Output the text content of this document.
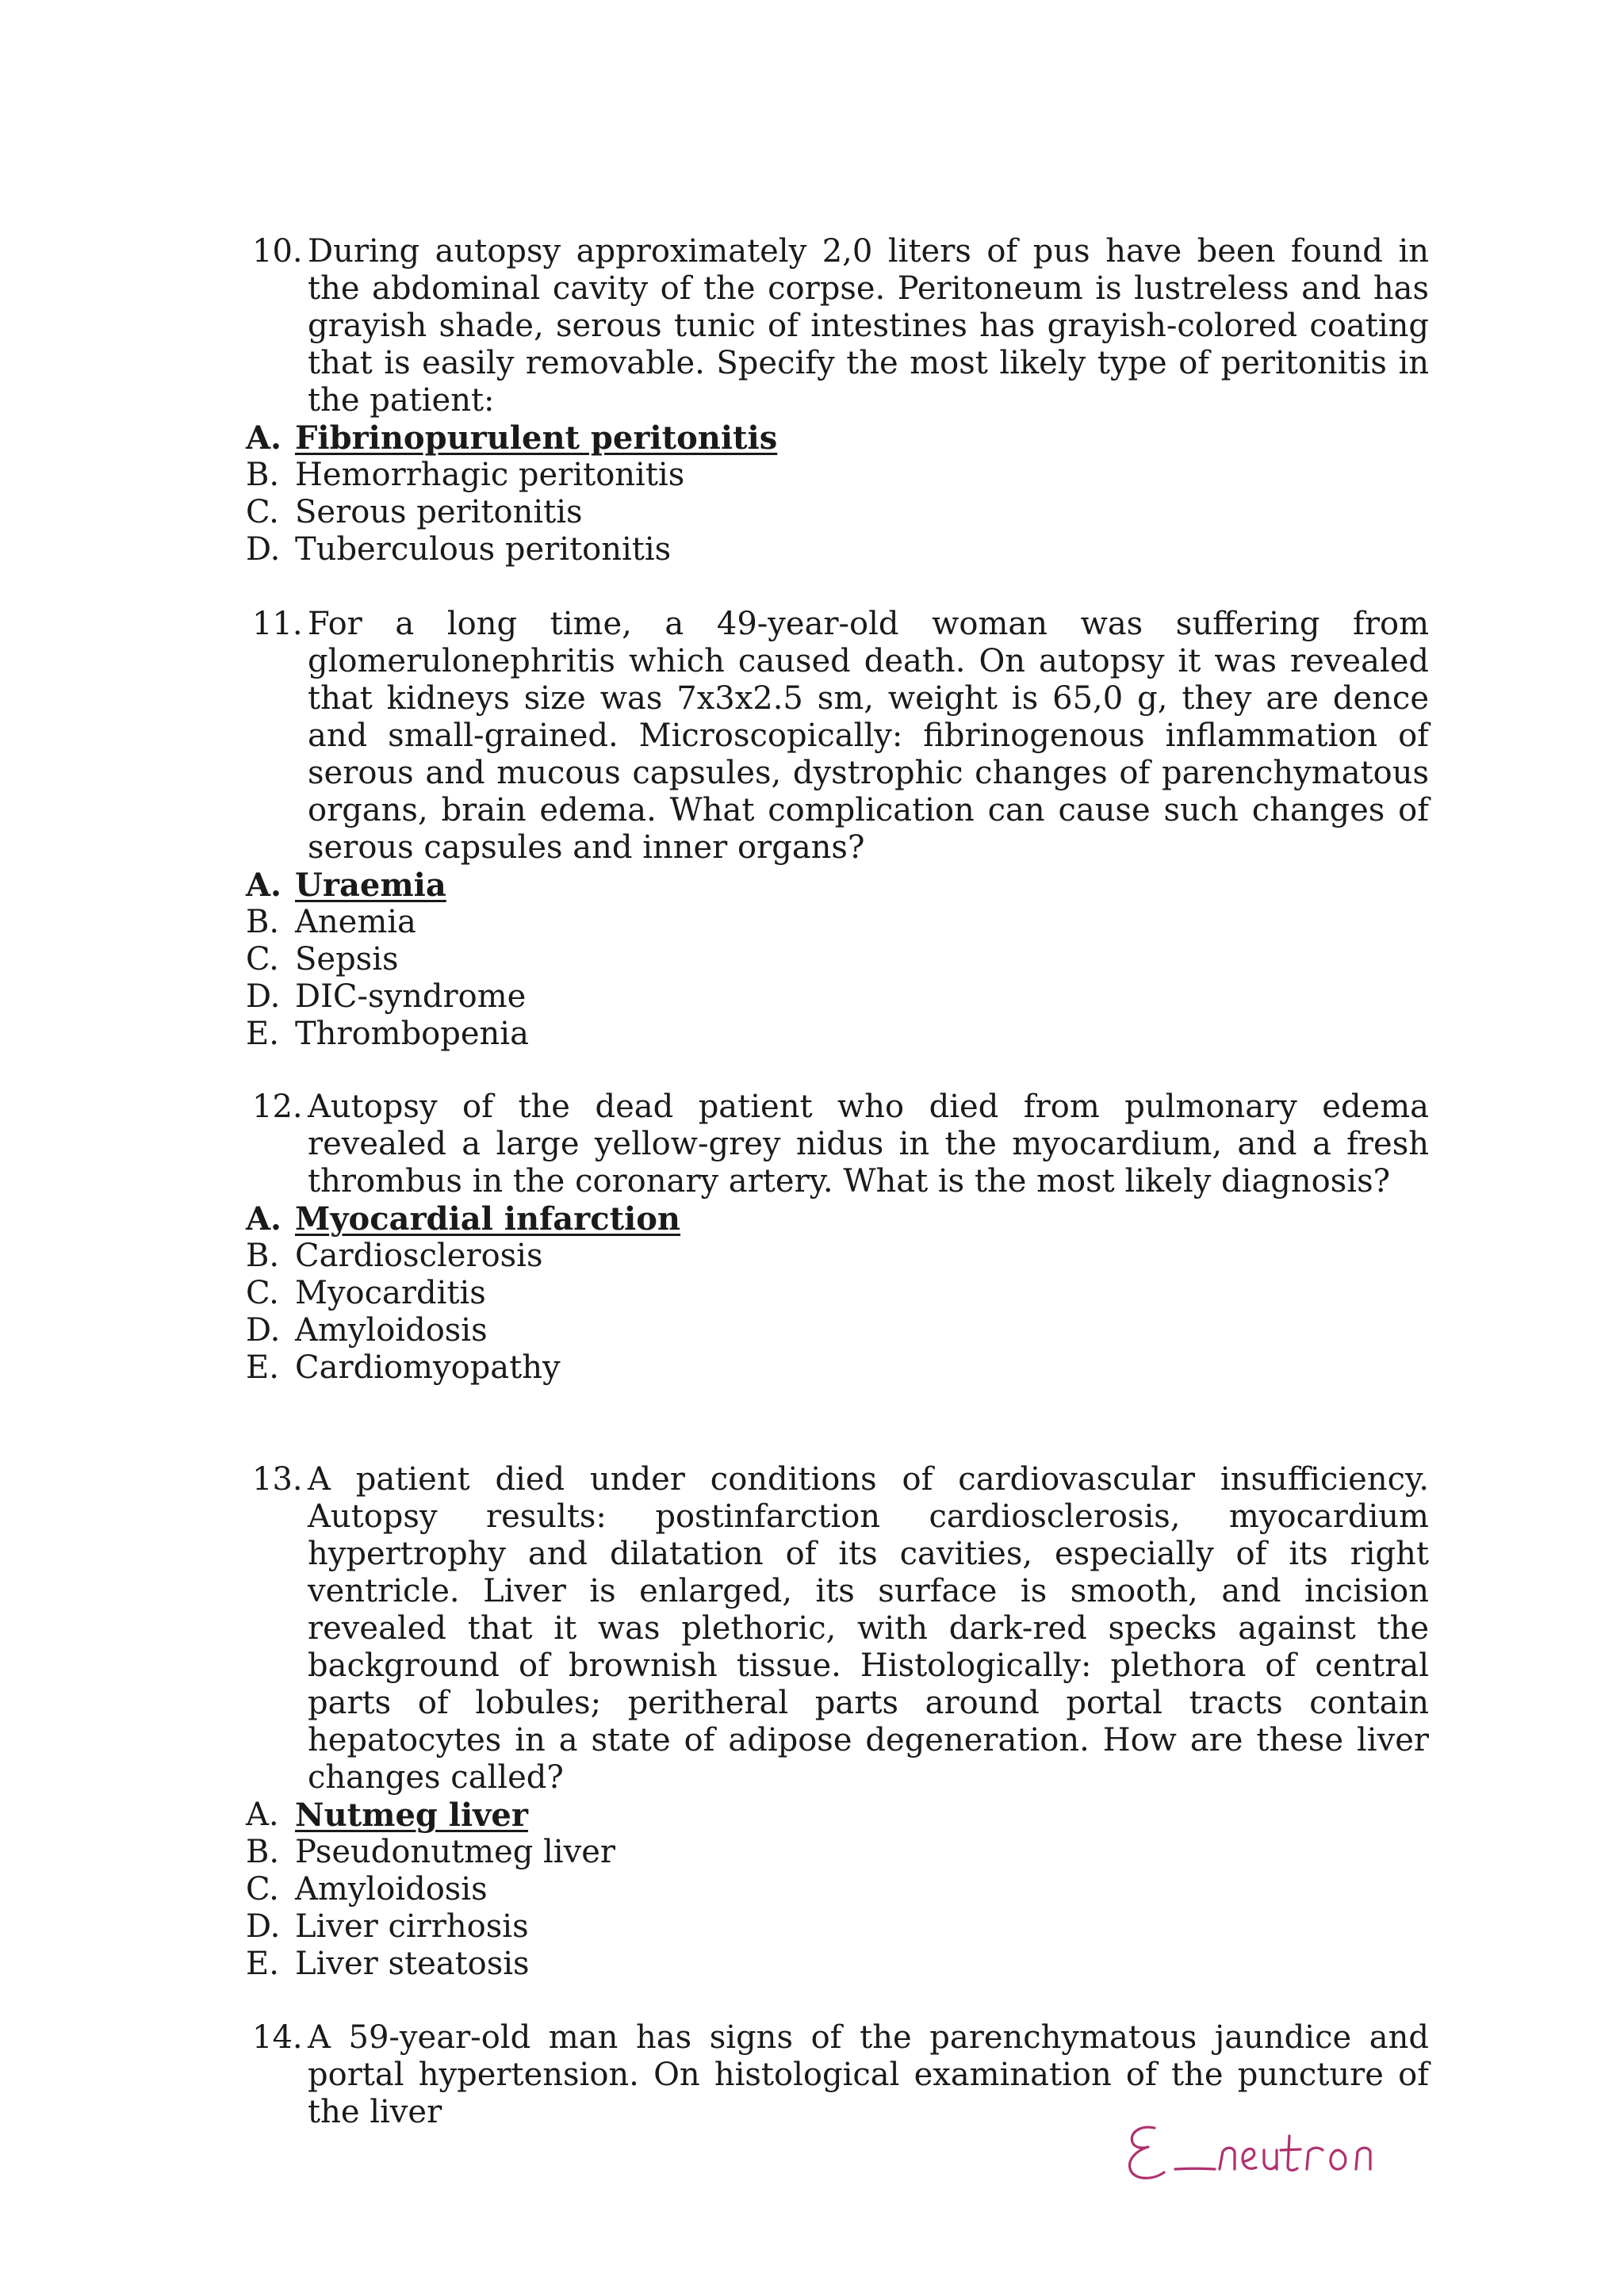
10. During autopsy approximately 2,0 liters of pus have been found in the abdominal cavity of the corpse. Peritoneum is lustreless and has grayish shade, serous tunic of intestines has grayish-colored coating that is easily removable. Specify the most likely type of peritonitis in the patient:

A. Fibrinopurulent peritonitis
B. Hemorrhagic peritonitis
C. Serous peritonitis
D. Tuberculous peritonitis

11. For a long time, a 49-year-old woman was suffering from glomerulonephritis which caused death. On autopsy it was revealed that kidneys size was 7x3x2.5 sm, weight is 65,0 g, they are dence and small-grained. Microscopically: fibrinogenous inflammation of serous and mucous capsules, dystrophic changes of parenchymatous organs, brain edema. What complication can cause such changes of serous capsules and inner organs?

A. Uraemia
B. Anemia
C. Sepsis
D. DIC-syndrome
E. Thrombopenia

12. Autopsy of the dead patient who died from pulmonary edema revealed a large yellow-grey nidus in the myocardium, and a fresh thrombus in the coronary artery. What is the most likely diagnosis?

A. Myocardial infarction
B. Cardiosclerosis
C. Myocarditis
D. Amyloidosis
E. Cardiomyopathy

13. A patient died under conditions of cardiovascular insufficiency. Autopsy results: postinfarction cardiosclerosis, myocardium hypertrophy and dilatation of its cavities, especially of its right ventricle. Liver is enlarged, its surface is smooth, and incision revealed that it was plethoric, with dark-red specks against the background of brownish tissue. Histologically: plethora of central parts of lobules; peritheral parts around portal tracts contain hepatocytes in a state of adipose degeneration. How are these liver changes called?

A. Nutmeg liver
B. Pseudonutmeg liver
C. Amyloidosis
D. Liver cirrhosis
E. Liver steatosis

14. A 59-year-old man has signs of the parenchymatous jaundice and portal hypertension. On histological examination of the puncture of the liver
